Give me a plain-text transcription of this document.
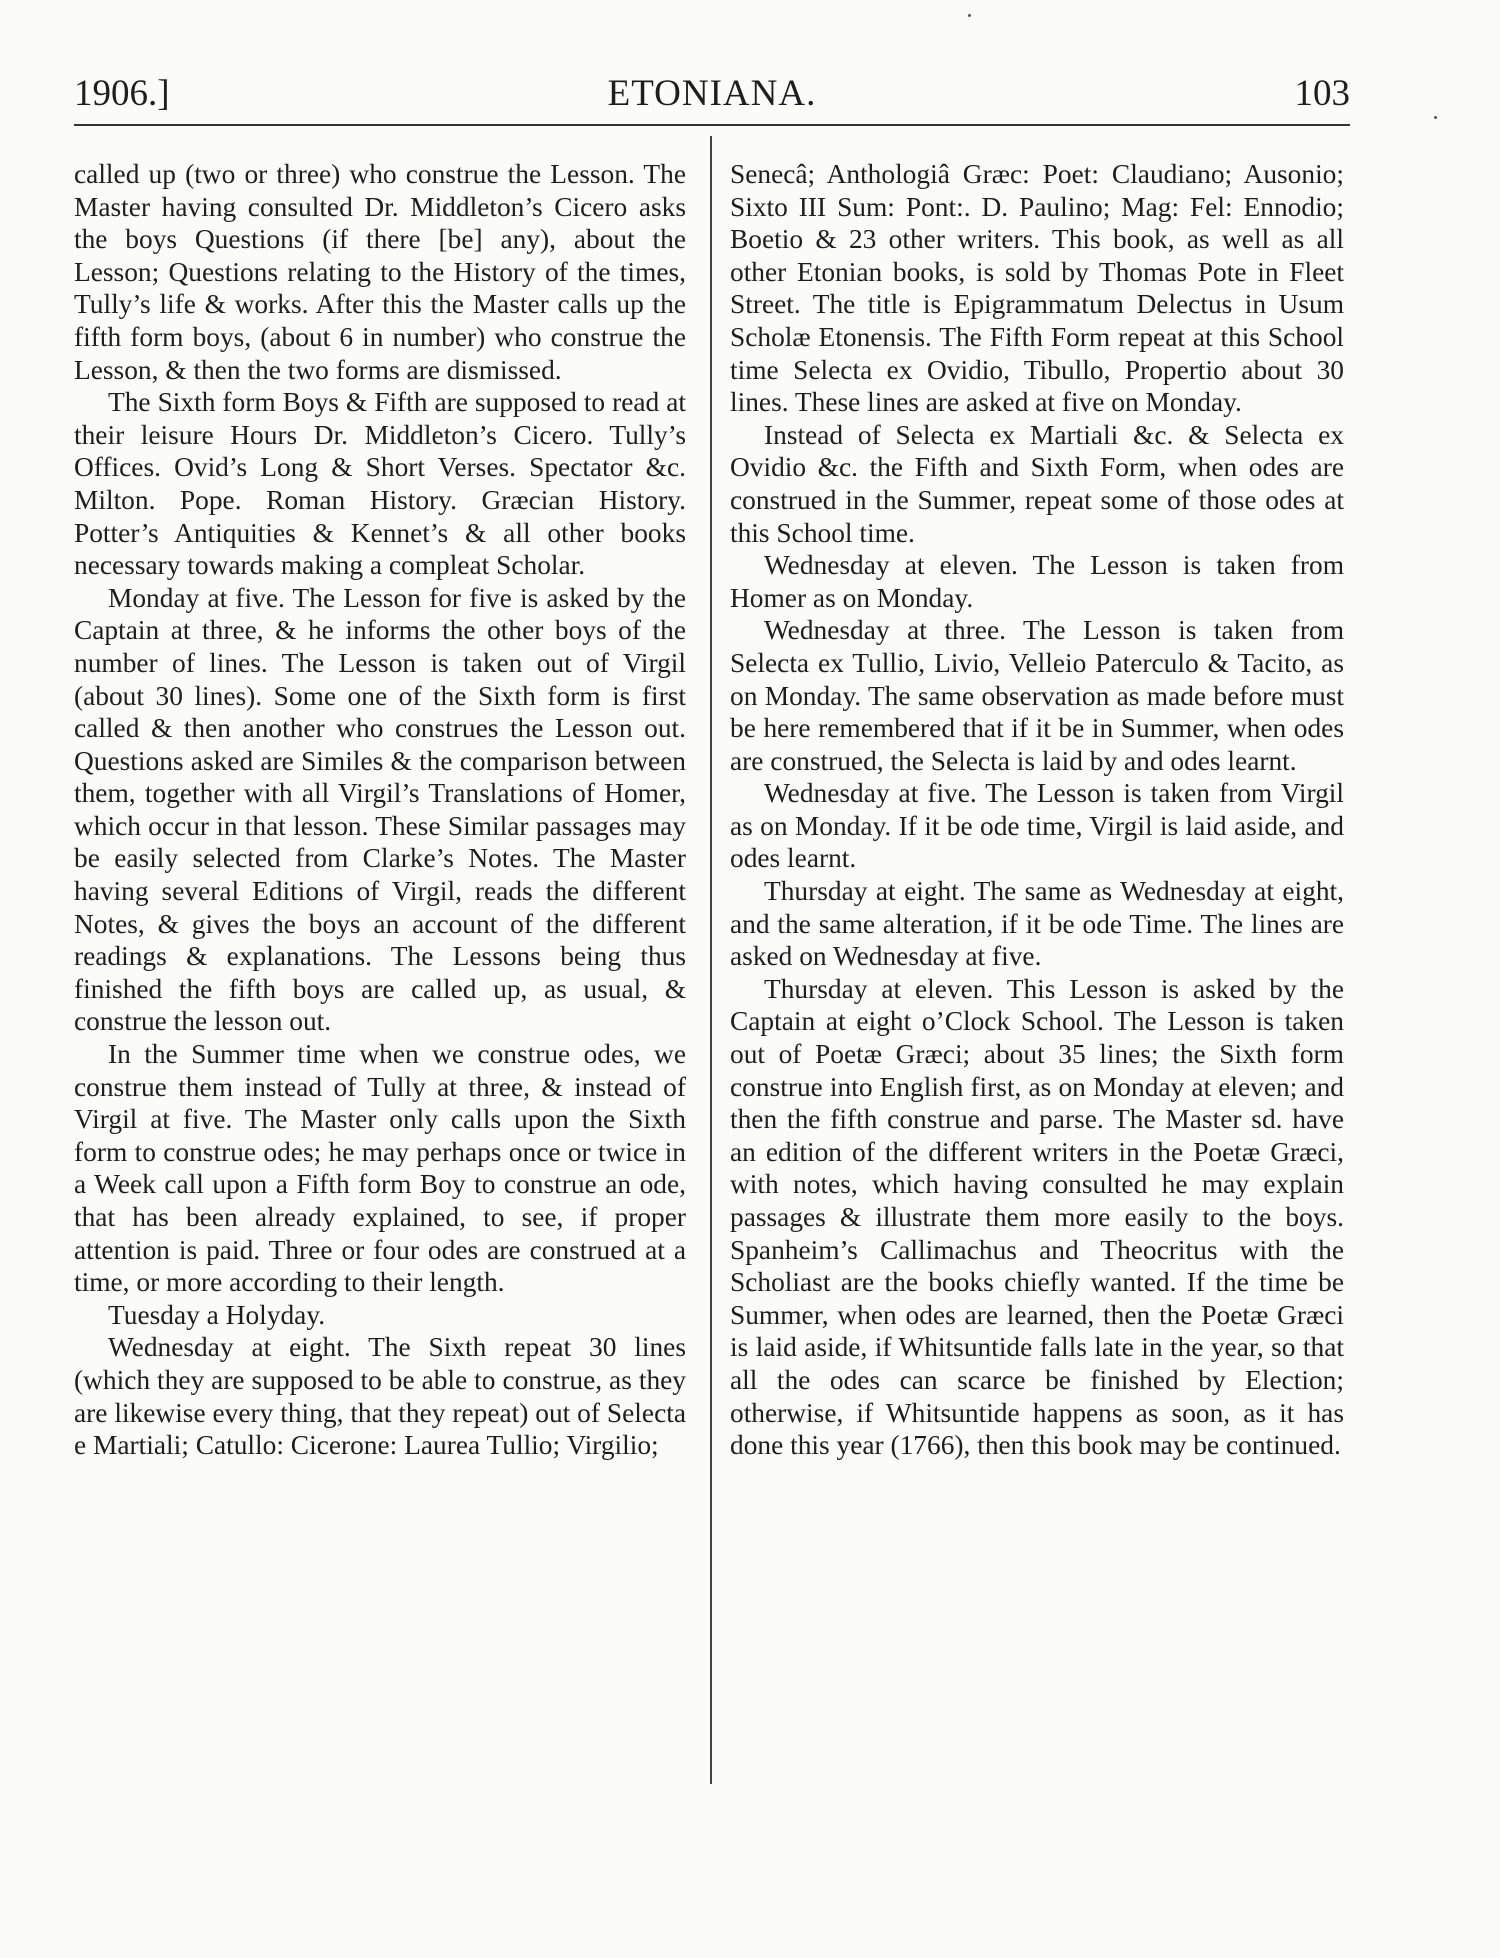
ETONIANA.
1906.]	103

called up (two or three) who construe the Lesson. The Master having consulted Dr. Middleton’s Cicero asks the boys Questions (if there [be] any), about the Lesson; Questions relating to the History of the times, Tully’s life & works. After this the Master calls up the fifth form boys, (about 6 in number) who construe the Lesson, & then the two forms are dismissed.

The Sixth form Boys & Fifth are supposed to read at their leisure Hours Dr. Middleton’s Cicero. Tully’s Offices. Ovid’s Long & Short Verses. Spectator &c. Milton. Pope. Roman History. Græcian History. Potter’s Antiquities & Kennet’s & all other books necessary towards making a compleat Scholar.

Monday at five. The Lesson for five is asked by the Captain at three, & he informs the other boys of the number of lines. The Lesson is taken out of Virgil (about 30 lines). Some one of the Sixth form is first called & then another who construes the Lesson out. Questions asked are Similes & the comparison between them, together with all Virgil’s Translations of Homer, which occur in that lesson. These Similar passages may be easily selected from Clarke’s Notes. The Master having several Editions of Virgil, reads the different Notes, & gives the boys an account of the different readings & explanations. The Lessons being thus finished the fifth boys are called up, as usual, & construe the lesson out.

In the Summer time when we construe odes, we construe them instead of Tully at three, & instead of Virgil at five. The Master only calls upon the Sixth form to construe odes; he may perhaps once or twice in a Week call upon a Fifth form Boy to construe an ode, that has been already explained, to see, if proper attention is paid. Three or four odes are construed at a time, or more according to their length.

Tuesday a Holyday.

Wednesday at eight. The Sixth repeat 30 lines (which they are supposed to be able to construe, as they are likewise every thing, that they repeat) out of Selecta e Martiali; Catullo: Cicerone: Laurea Tullio; Virgilio;

Senecâ; Anthologiâ Græc: Poet: Claudiano; Ausonio; Sixto III Sum: Pont:. D. Paulino; Mag: Fel: Ennodio; Boetio & 23 other writers. This book, as well as all other Etonian books, is sold by Thomas Pote in Fleet Street. The title is Epigrammatum Delectus in Usum Scholæ Etonensis. The Fifth Form repeat at this School time Selecta ex Ovidio, Tibullo, Propertio about 30 lines. These lines are asked at five on Monday.

Instead of Selecta ex Martiali &c. & Selecta ex Ovidio &c. the Fifth and Sixth Form, when odes are construed in the Summer, repeat some of those odes at this School time.

Wednesday at eleven. The Lesson is taken from Homer as on Monday.

Wednesday at three. The Lesson is taken from Selecta ex Tullio, Livio, Velleio Paterculo & Tacito, as on Monday. The same observation as made before must be here remembered that if it be in Summer, when odes are construed, the Selecta is laid by and odes learnt.

Wednesday at five. The Lesson is taken from Virgil as on Monday. If it be ode time, Virgil is laid aside, and odes learnt.

Thursday at eight. The same as Wednesday at eight, and the same alteration, if it be ode Time. The lines are asked on Wednesday at five.

Thursday at eleven. This Lesson is asked by the Captain at eight o’Clock School. The Lesson is taken out of Poetæ Græci; about 35 lines; the Sixth form construe into English first, as on Monday at eleven; and then the fifth construe and parse. The Master sd. have an edition of the different writers in the Poetæ Græci, with notes, which having consulted he may explain passages & illustrate them more easily to the boys. Spanheim’s Callimachus and Theocritus with the Scholiast are the books chiefly wanted. If the time be Summer, when odes are learned, then the Poetæ Græci is laid aside, if Whitsuntide falls late in the year, so that all the odes can scarce be finished by Election; otherwise, if Whitsuntide happens as soon, as it has done this year (1766), then this book may be continued.
